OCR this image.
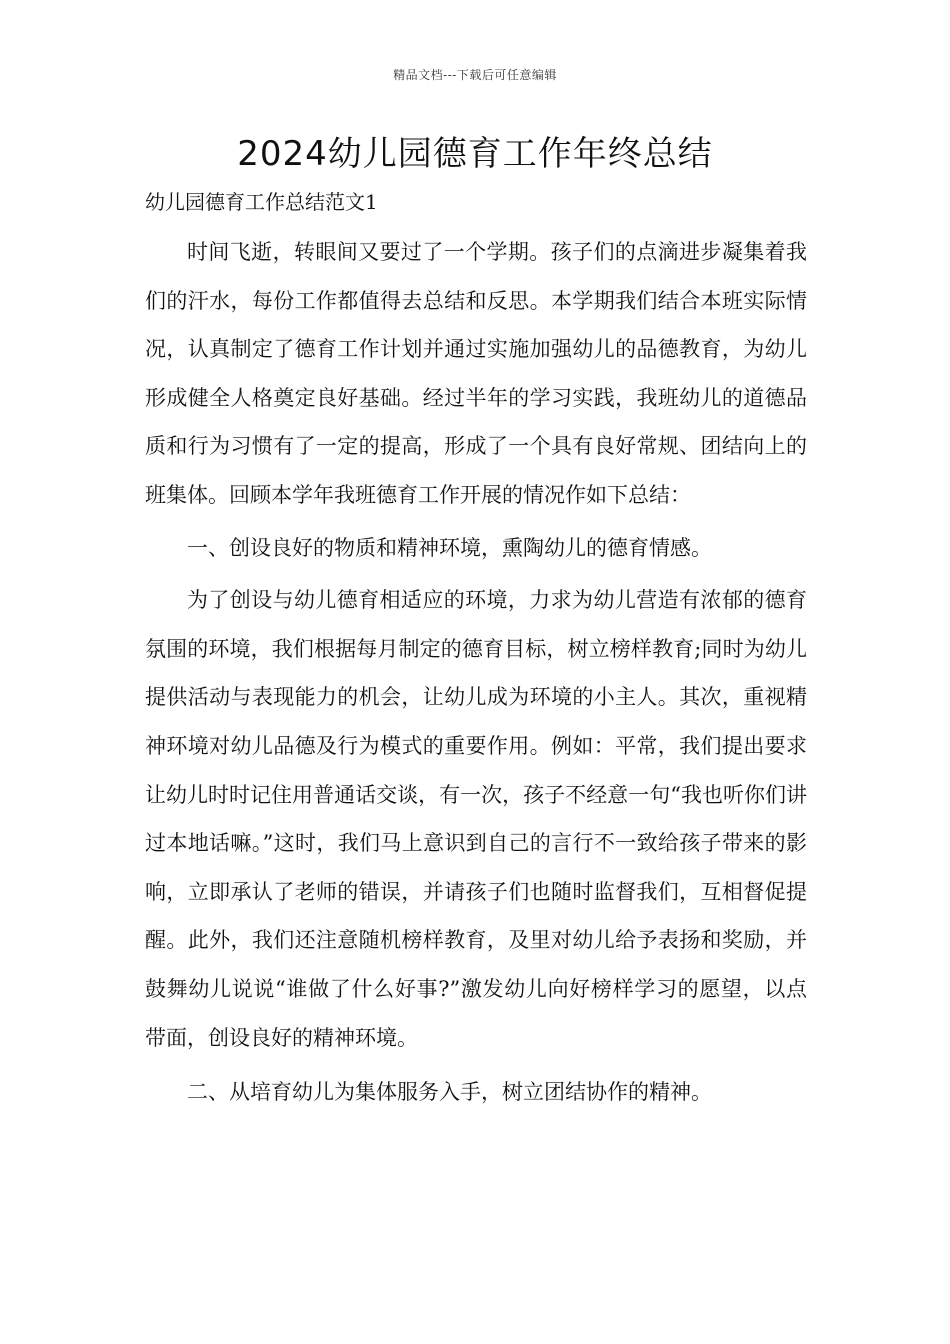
精品文档---下载后可任意编辑
2024幼儿园德育工作年终总结

幼儿园德育工作总结范文1

时间飞逝，转眼间又要过了一个学期。孩子们的点滴进步凝集着我们的汗水，每份工作都值得去总结和反思。本学期我们结合本班实际情况，认真制定了德育工作计划并通过实施加强幼儿的品德教育，为幼儿形成健全人格奠定良好基础。经过半年的学习实践，我班幼儿的道德品质和行为习惯有了一定的提高，形成了一个具有良好常规、团结向上的班集体。回顾本学年我班德育工作开展的情况作如下总结：

一、创设良好的物质和精神环境，熏陶幼儿的德育情感。

为了创设与幼儿德育相适应的环境，力求为幼儿营造有浓郁的德育氛围的环境，我们根据每月制定的德育目标，树立榜样教育;同时为幼儿提供活动与表现能力的机会，让幼儿成为环境的小主人。其次，重视精神环境对幼儿品德及行为模式的重要作用。例如：平常，我们提出要求让幼儿时时记住用普通话交谈，有一次，孩子不经意一句“我也听你们讲过本地话嘛。”这时，我们马上意识到自己的言行不一致给孩子带来的影响，立即承认了老师的错误，并请孩子们也随时监督我们，互相督促提醒。此外，我们还注意随机榜样教育，及里对幼儿给予表扬和奖励，并鼓舞幼儿说说“谁做了什么好事?”激发幼儿向好榜样学习的愿望，以点带面，创设良好的精神环境。

二、从培育幼儿为集体服务入手，树立团结协作的精神。
